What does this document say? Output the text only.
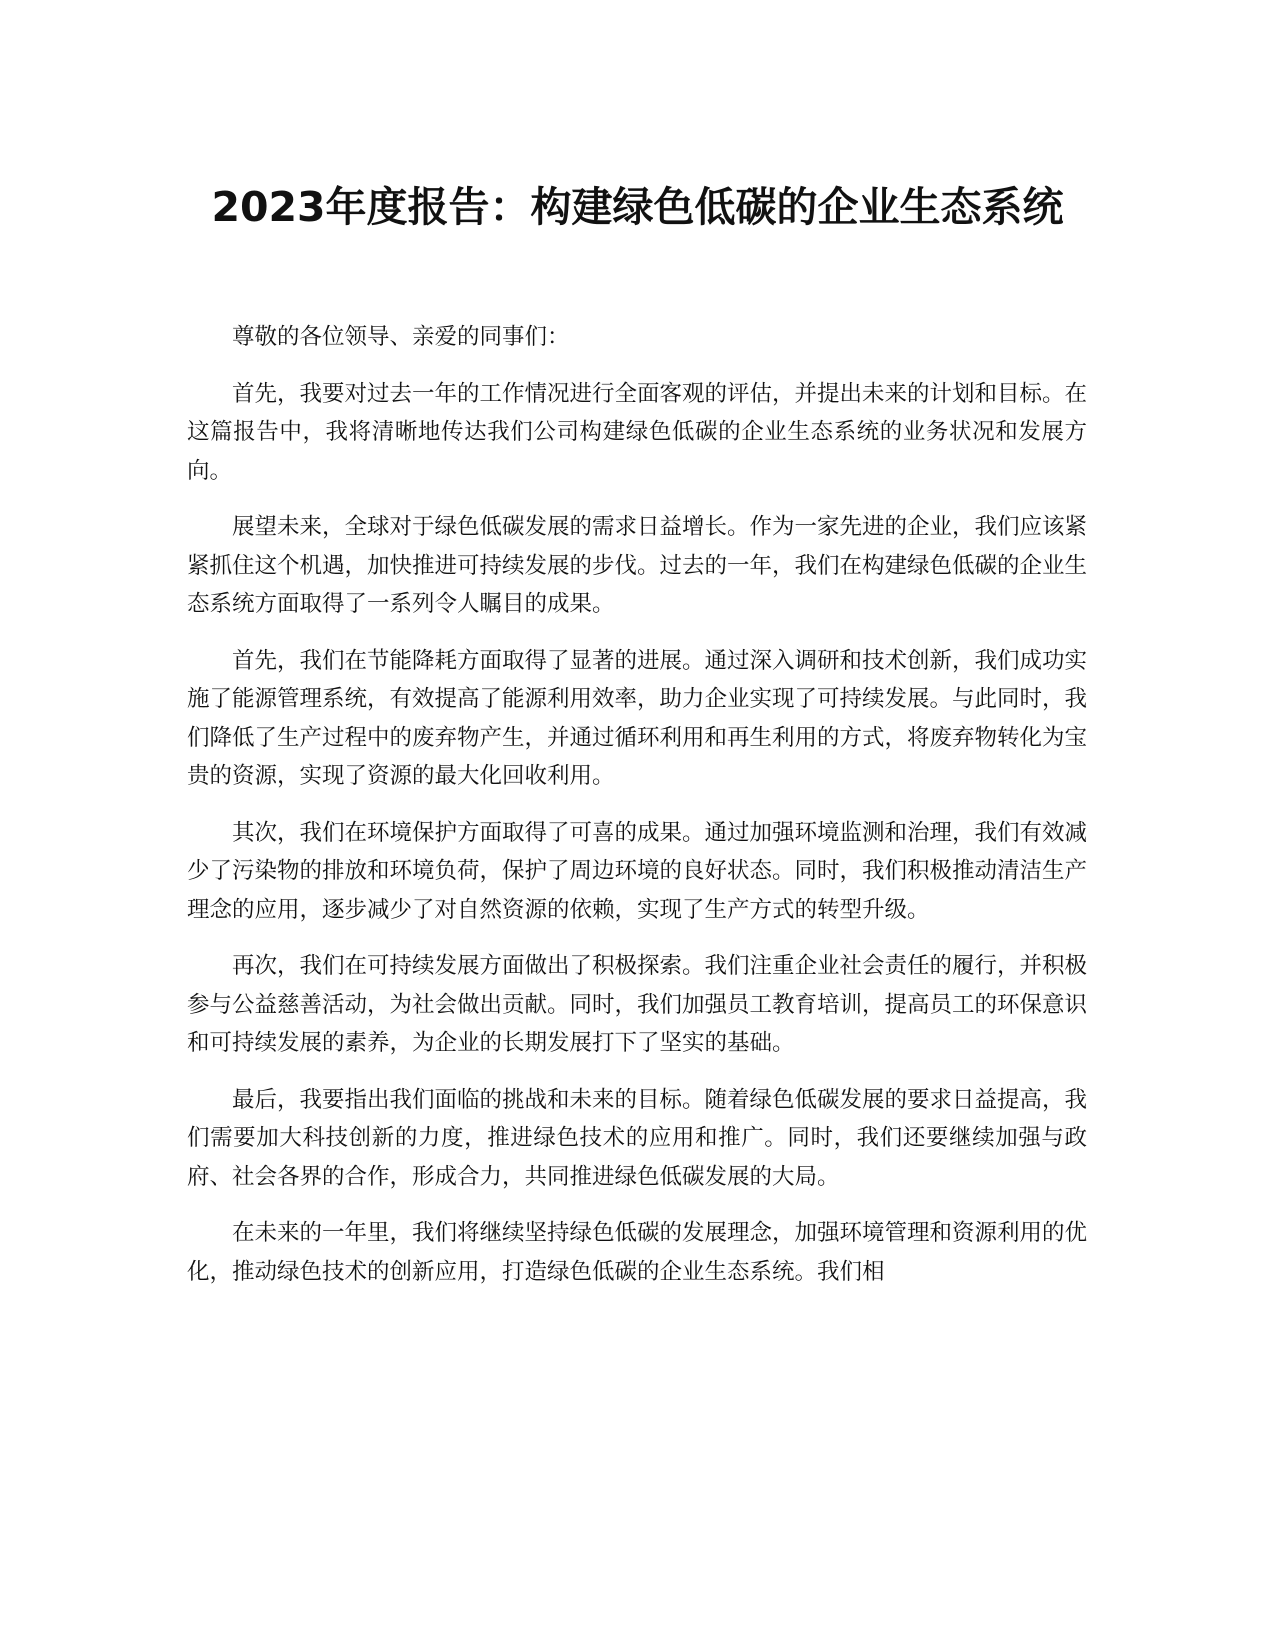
2023年度报告：构建绿色低碳的企业生态系统

尊敬的各位领导、亲爱的同事们：

首先，我要对过去一年的工作情况进行全面客观的评估，并提出未来的计划和目标。在这篇报告中，我将清晰地传达我们公司构建绿色低碳的企业生态系统的业务状况和发展方向。

展望未来，全球对于绿色低碳发展的需求日益增长。作为一家先进的企业，我们应该紧紧抓住这个机遇，加快推进可持续发展的步伐。过去的一年，我们在构建绿色低碳的企业生态系统方面取得了一系列令人瞩目的成果。

首先，我们在节能降耗方面取得了显著的进展。通过深入调研和技术创新，我们成功实施了能源管理系统，有效提高了能源利用效率，助力企业实现了可持续发展。与此同时，我们降低了生产过程中的废弃物产生，并通过循环利用和再生利用的方式，将废弃物转化为宝贵的资源，实现了资源的最大化回收利用。

其次，我们在环境保护方面取得了可喜的成果。通过加强环境监测和治理，我们有效减少了污染物的排放和环境负荷，保护了周边环境的良好状态。同时，我们积极推动清洁生产理念的应用，逐步减少了对自然资源的依赖，实现了生产方式的转型升级。

再次，我们在可持续发展方面做出了积极探索。我们注重企业社会责任的履行，并积极参与公益慈善活动，为社会做出贡献。同时，我们加强员工教育培训，提高员工的环保意识和可持续发展的素养，为企业的长期发展打下了坚实的基础。

最后，我要指出我们面临的挑战和未来的目标。随着绿色低碳发展的要求日益提高，我们需要加大科技创新的力度，推进绿色技术的应用和推广。同时，我们还要继续加强与政府、社会各界的合作，形成合力，共同推进绿色低碳发展的大局。

在未来的一年里，我们将继续坚持绿色低碳的发展理念，加强环境管理和资源利用的优化，推动绿色技术的创新应用，打造绿色低碳的企业生态系统。我们相
